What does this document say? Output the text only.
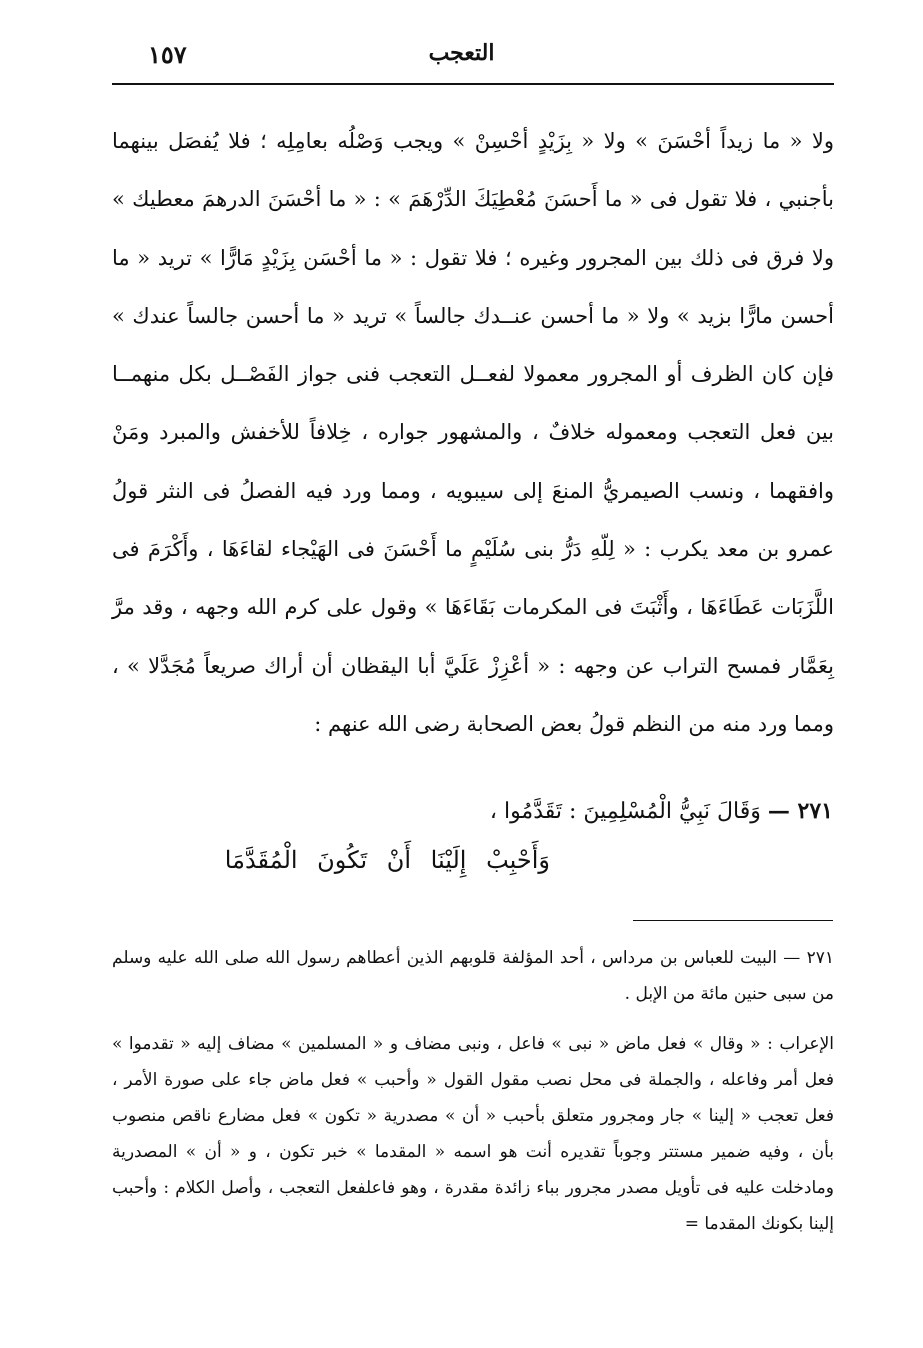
التعجب
١٥٧

ولا « ما زيداً أحْسَنَ » ولا « بِزَيْدٍ أحْسِنْ » ويجب وَصْلُه بعامِلِه ؛ فلا يُفصَل بينهما بأجنبي ، فلا تقول فى « ما أَحسَنَ مُعْطِيَكَ الدِّرْهَمَ » : « ما أحْسَنَ الدرهمَ معطيك » ولا فرق فى ذلك بين المجرور وغيره ؛ فلا تقول : « ما أحْسَن بِزَيْدٍ مَارًّا » تريد « ما أحسن مارًّا بزيد » ولا « ما أحسن عنــدك جالساً » تريد « ما أحسن جالساً عندك » فإن كان الظرف أو المجرور معمولا لفعــل التعجب فنى جواز الفَصْــل بكل منهمــا بين فعل التعجب ومعموله خلافٌ ، والمشهور جواره ، خِلافاً للأخفش والمبرد ومَنْ وافقهما ، ونسب الصيمريُّ المنعَ إلى سيبويه ، ومما ورد فيه الفصلُ فى النثر قولُ عمرو بن معد يكرب : « لِلّهِ دَرُّ بنى سُلَيْمٍ ما أَحْسَنَ فى الهَيْجاء لقاءَهَا ، وأَكْرَمَ فى اللَّزَبَات عَطَاءَهَا ، وأَثْبَتَ فى المكرمات بَقَاءَهَا » وقول على كرم الله وجهه ، وقد مرَّ بِعَمَّار فمسح التراب عن وجهه : « أعْزِزْ عَلَيَّ أبا اليقظان أن أراك صريعاً مُجَدَّلا » ، ومما ورد منه من النظم قولُ بعض الصحابة رضى الله عنهم :

٢٧١ — وَقَالَ نَبِيُّ الْمُسْلِمِينَ : تَقَدَّمُوا ،
وَأَحْبِبْ إِلَيْنَا أَنْ تَكُونَ الْمُقَدَّمَا

٢٧١ — البيت للعباس بن مرداس ، أحد المؤلفة قلوبهم الذين أعطاهم رسول الله صلى الله عليه وسلم من سبى حنين مائة من الإبل .

الإعراب : « وقال » فعل ماض « نبى » فاعل ، ونبى مضاف و « المسلمين » مضاف إليه « تقدموا » فعل أمر وفاعله ، والجملة فى محل نصب مقول القول « وأحبب » فعل ماض جاء على صورة الأمر ، فعل تعجب « إلينا » جار ومجرور متعلق بأحبب « أن » مصدرية « تكون » فعل مضارع ناقص منصوب بأن ، وفيه ضمير مستتر وجوباً تقديره أنت هو اسمه « المقدما » خبر تكون ، و « أن » المصدرية ومادخلت عليه فى تأويل مصدر مجرور بباء زائدة مقدرة ، وهو فاعلفعل التعجب ، وأصل الكلام : وأحبب إلينا بكونك المقدما =
